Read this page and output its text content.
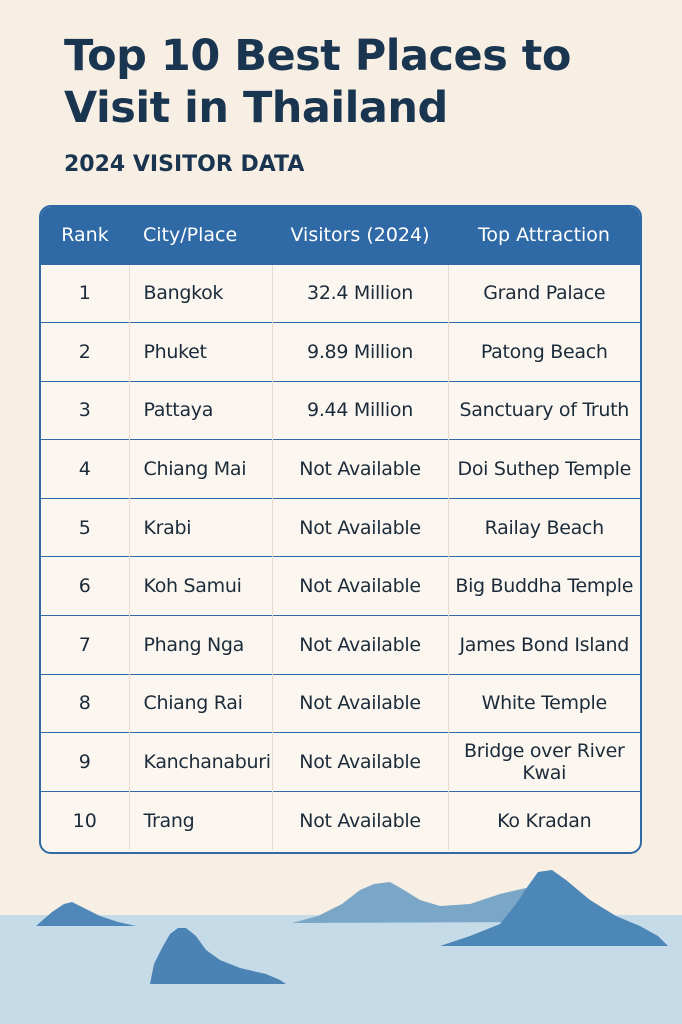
Top 10 Best Places to Visit in Thailand
2024 VISITOR DATA
Rank	City/Place	Visitors (2024)	Top Attraction
1	Bangkok	32.4 Million	Grand Palace
2	Phuket	9.89 Million	Patong Beach
3	Pattaya	9.44 Million	Sanctuary of Truth
4	Chiang Mai	Not Available	Doi Suthep Temple
5	Krabi	Not Available	Railay Beach
6	Koh Samui	Not Available	Big Buddha Temple
7	Phang Nga	Not Available	James Bond Island
8	Chiang Rai	Not Available	White Temple
9	Kanchanaburi	Not Available	Bridge over River Kwai
10	Trang	Not Available	Ko Kradan
